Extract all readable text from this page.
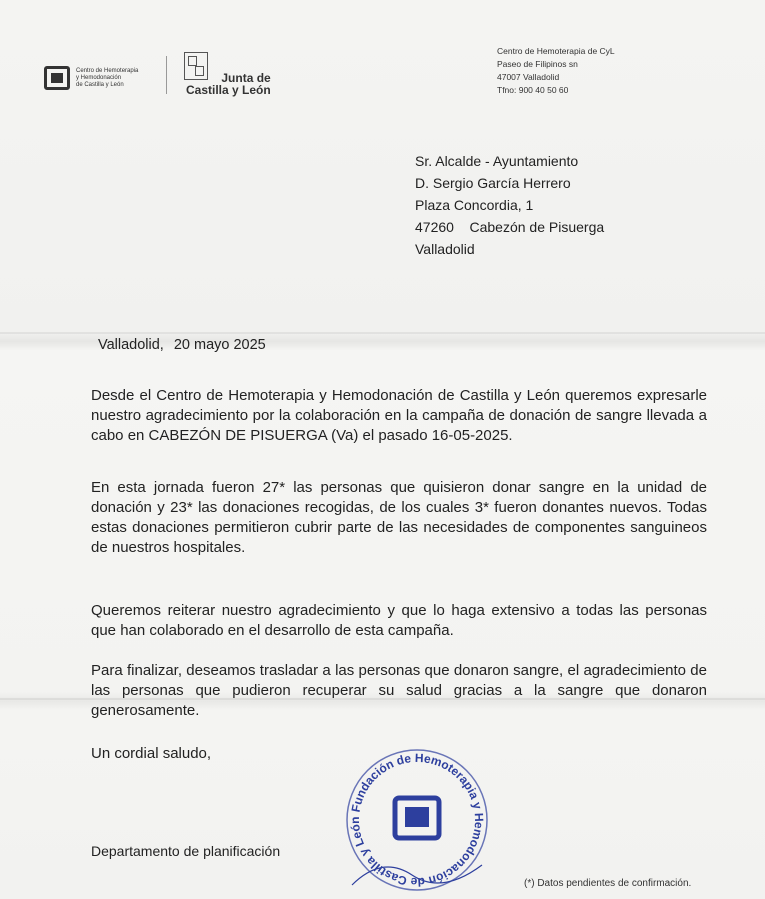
Centro de Hemoterapia
y Hemodonación
de Castilla y León	Junta de
Castilla y León
Centro de Hemoterapia de CyL
Paseo de Filipinos sn
47007 Valladolid
Tfno: 900 40 50 60
Sr. Alcalde - Ayuntamiento
D. Sergio García Herrero
Plaza Concordia, 1
47260    Cabezón de Pisuerga
Valladolid
Valladolid, 20 mayo 2025
Desde el Centro de Hemoterapia y Hemodonación de Castilla y León queremos expresarle nuestro agradecimiento por la colaboración en la campaña de donación de sangre llevada a cabo en CABEZÓN DE PISUERGA (Va) el pasado 16-05-2025.
En esta jornada fueron 27* las personas que quisieron donar sangre en la unidad de donación y 23* las donaciones recogidas, de los cuales 3* fueron donantes nuevos. Todas estas donaciones permitieron cubrir parte de las necesidades de componentes sanguineos de nuestros hospitales.
Queremos reiterar nuestro agradecimiento y que lo haga extensivo a todas las personas que han colaborado en el desarrollo de esta campaña.
Para finalizar, deseamos trasladar a las personas que donaron sangre, el agradecimiento de las personas que pudieron recuperar su salud gracias a la sangre que donaron generosamente.
Un cordial saludo,
Fundación de Hemoterapia y Hemodonación de Castilla y León
Departamento de planificación
(*) Datos pendientes de confirmación.
